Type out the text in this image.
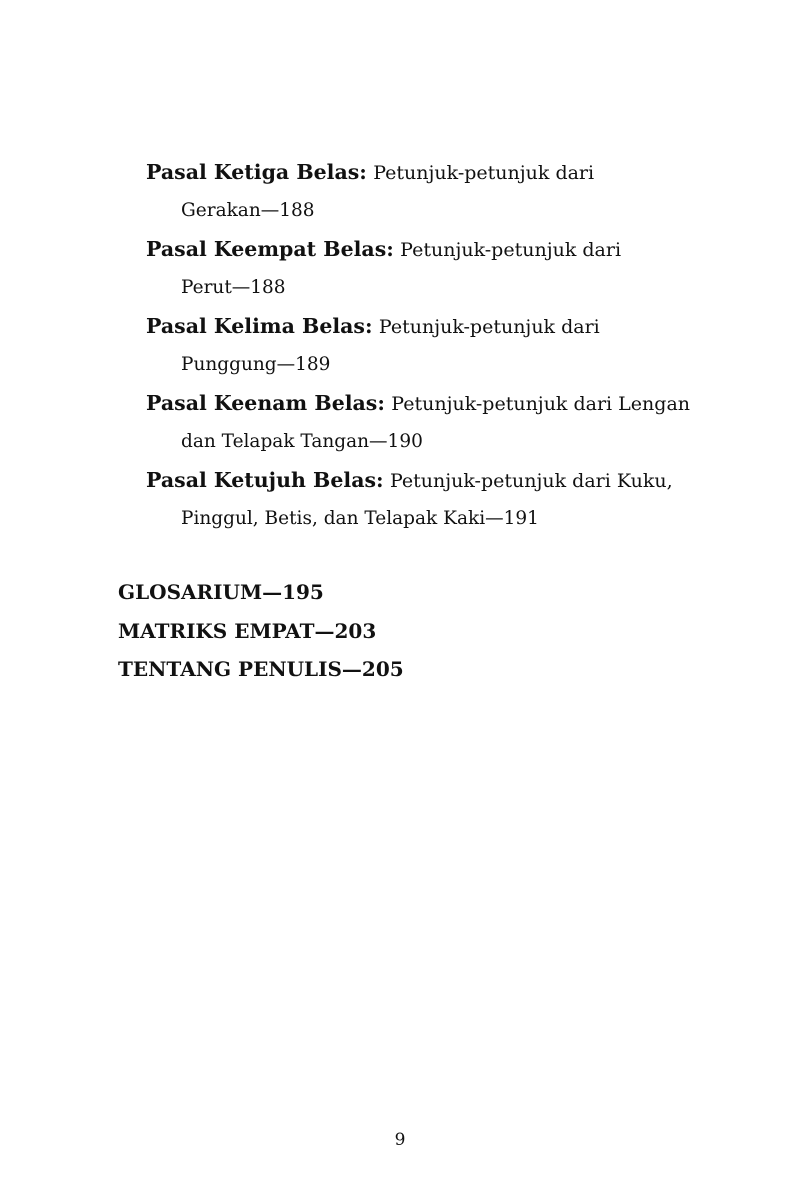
Pasal Ketiga Belas: Petunjuk-petunjuk dari
Gerakan—188
Pasal Keempat Belas: Petunjuk-petunjuk dari
Perut—188
Pasal Kelima Belas: Petunjuk-petunjuk dari
Punggung—189
Pasal Keenam Belas: Petunjuk-petunjuk dari Lengan
dan Telapak Tangan—190
Pasal Ketujuh Belas: Petunjuk-petunjuk dari Kuku,
Pinggul, Betis, dan Telapak Kaki—191
GLOSARIUM—195
MATRIKS EMPAT—203
TENTANG PENULIS—205
9
